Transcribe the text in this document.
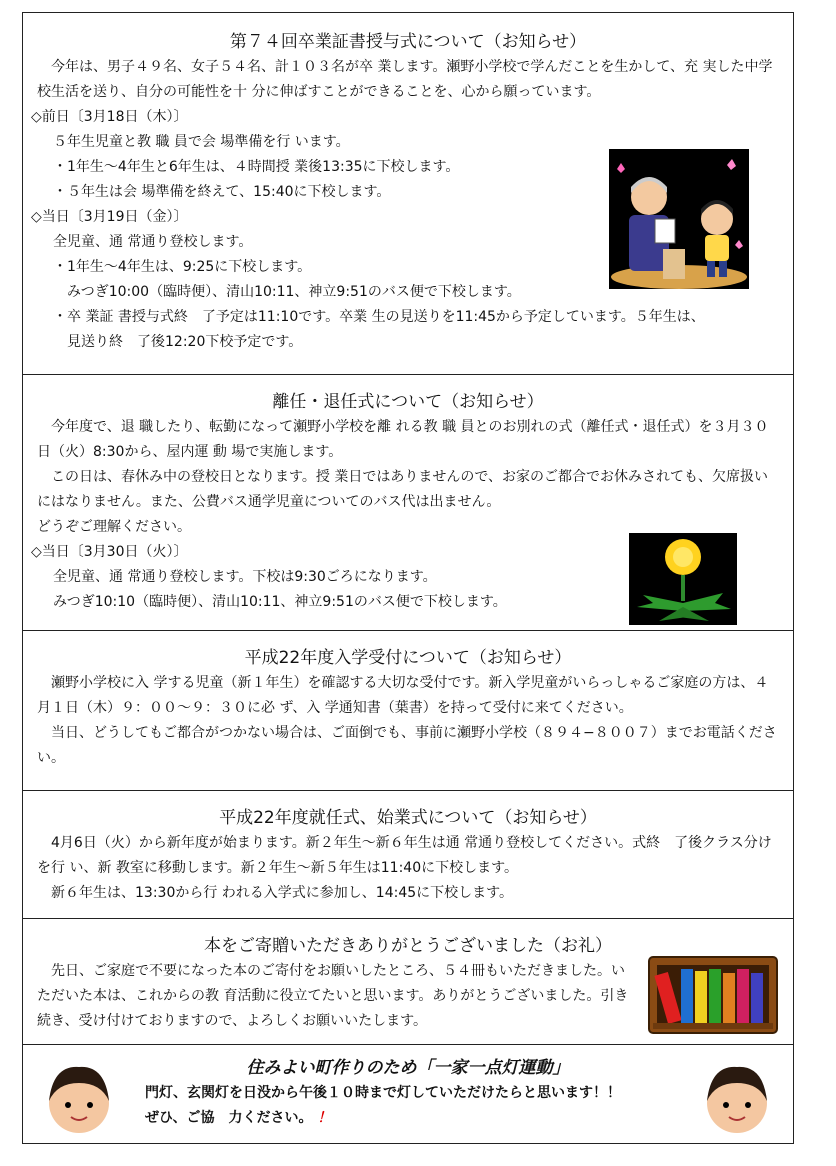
第７４回卒業証書授与式について（お知らせ）

　今年は、男子４９名、女子５４名、計１０３名が卒 業します。瀬野小学校で学んだことを生かして、充 実した中学校生活を送り、自分の可能性を十 分に伸ばすことができることを、心から願っています。

◇前日〔3月18日（木）〕

５年生児童と教 職 員で会 場準備を行 います。

・1年生〜4年生と6年生は、４時間授 業後13:35に下校します。

・５年生は会 場準備を終えて、15:40に下校します。

◇当日〔3月19日（金）〕

全児童、通 常通り登校します。

・1年生〜4年生は、9:25に下校します。

みつぎ10:00（臨時便）、清山10:11、神立9:51のバス便で下校します。

・卒 業証 書授与式終　了予定は11:10です。卒業 生の見送りを11:45から予定しています。５年生は、

見送り終　了後12:20下校予定です。

離任・退任式について（お知らせ）

　今年度で、退 職したり、転勤になって瀬野小学校を離 れる教 職 員とのお別れの式（離任式・退任式）を３月３０日（火）8:30から、屋内運 動 場で実施します。

　この日は、春休み中の登校日となります。授 業日ではありませんので、お家のご都合でお休みされても、欠席扱いにはなりません。また、公費バス通学児童についてのバス代は出ません。

どうぞご理解ください。

◇当日〔3月30日（火）〕

全児童、通 常通り登校します。下校は9:30ごろになります。

みつぎ10:10（臨時便）、清山10:11、神立9:51のバス便で下校します。

平成22年度入学受付について（お知らせ）

　瀬野小学校に入 学する児童（新１年生）を確認する大切な受付です。新入学児童がいらっしゃるご家庭の方は、４月１日（木）９：００〜９：３０に必 ず、入 学通知書（葉書）を持って受付に来てください。

　当日、どうしてもご都合がつかない場合は、ご面倒でも、事前に瀬野小学校（８９４−８００７）までお電話ください。

平成22年度就任式、始業式について（お知らせ）

　4月6日（火）から新年度が始まります。新２年生〜新６年生は通 常通り登校してください。式終　了後クラス分けを行 い、新 教室に移動します。新２年生〜新５年生は11:40に下校します。

　新６年生は、13:30から行 われる入学式に参加し、14:45に下校します。

本をご寄贈いただきありがとうございました（お礼）

　先日、ご家庭で不要になった本のご寄付をお願いしたところ、５４冊もいただきました。いただいた本は、これからの教 育活動に役立てたいと思います。ありがとうございました。引き続き、受け付けておりますので、よろしくお願いいたします。

住みよい町作りのため「一家一点灯運動」

門灯、玄関灯を日没から午後１０時まで灯していただけたらと思います！！

ぜひ、ご協　力ください。 ！
